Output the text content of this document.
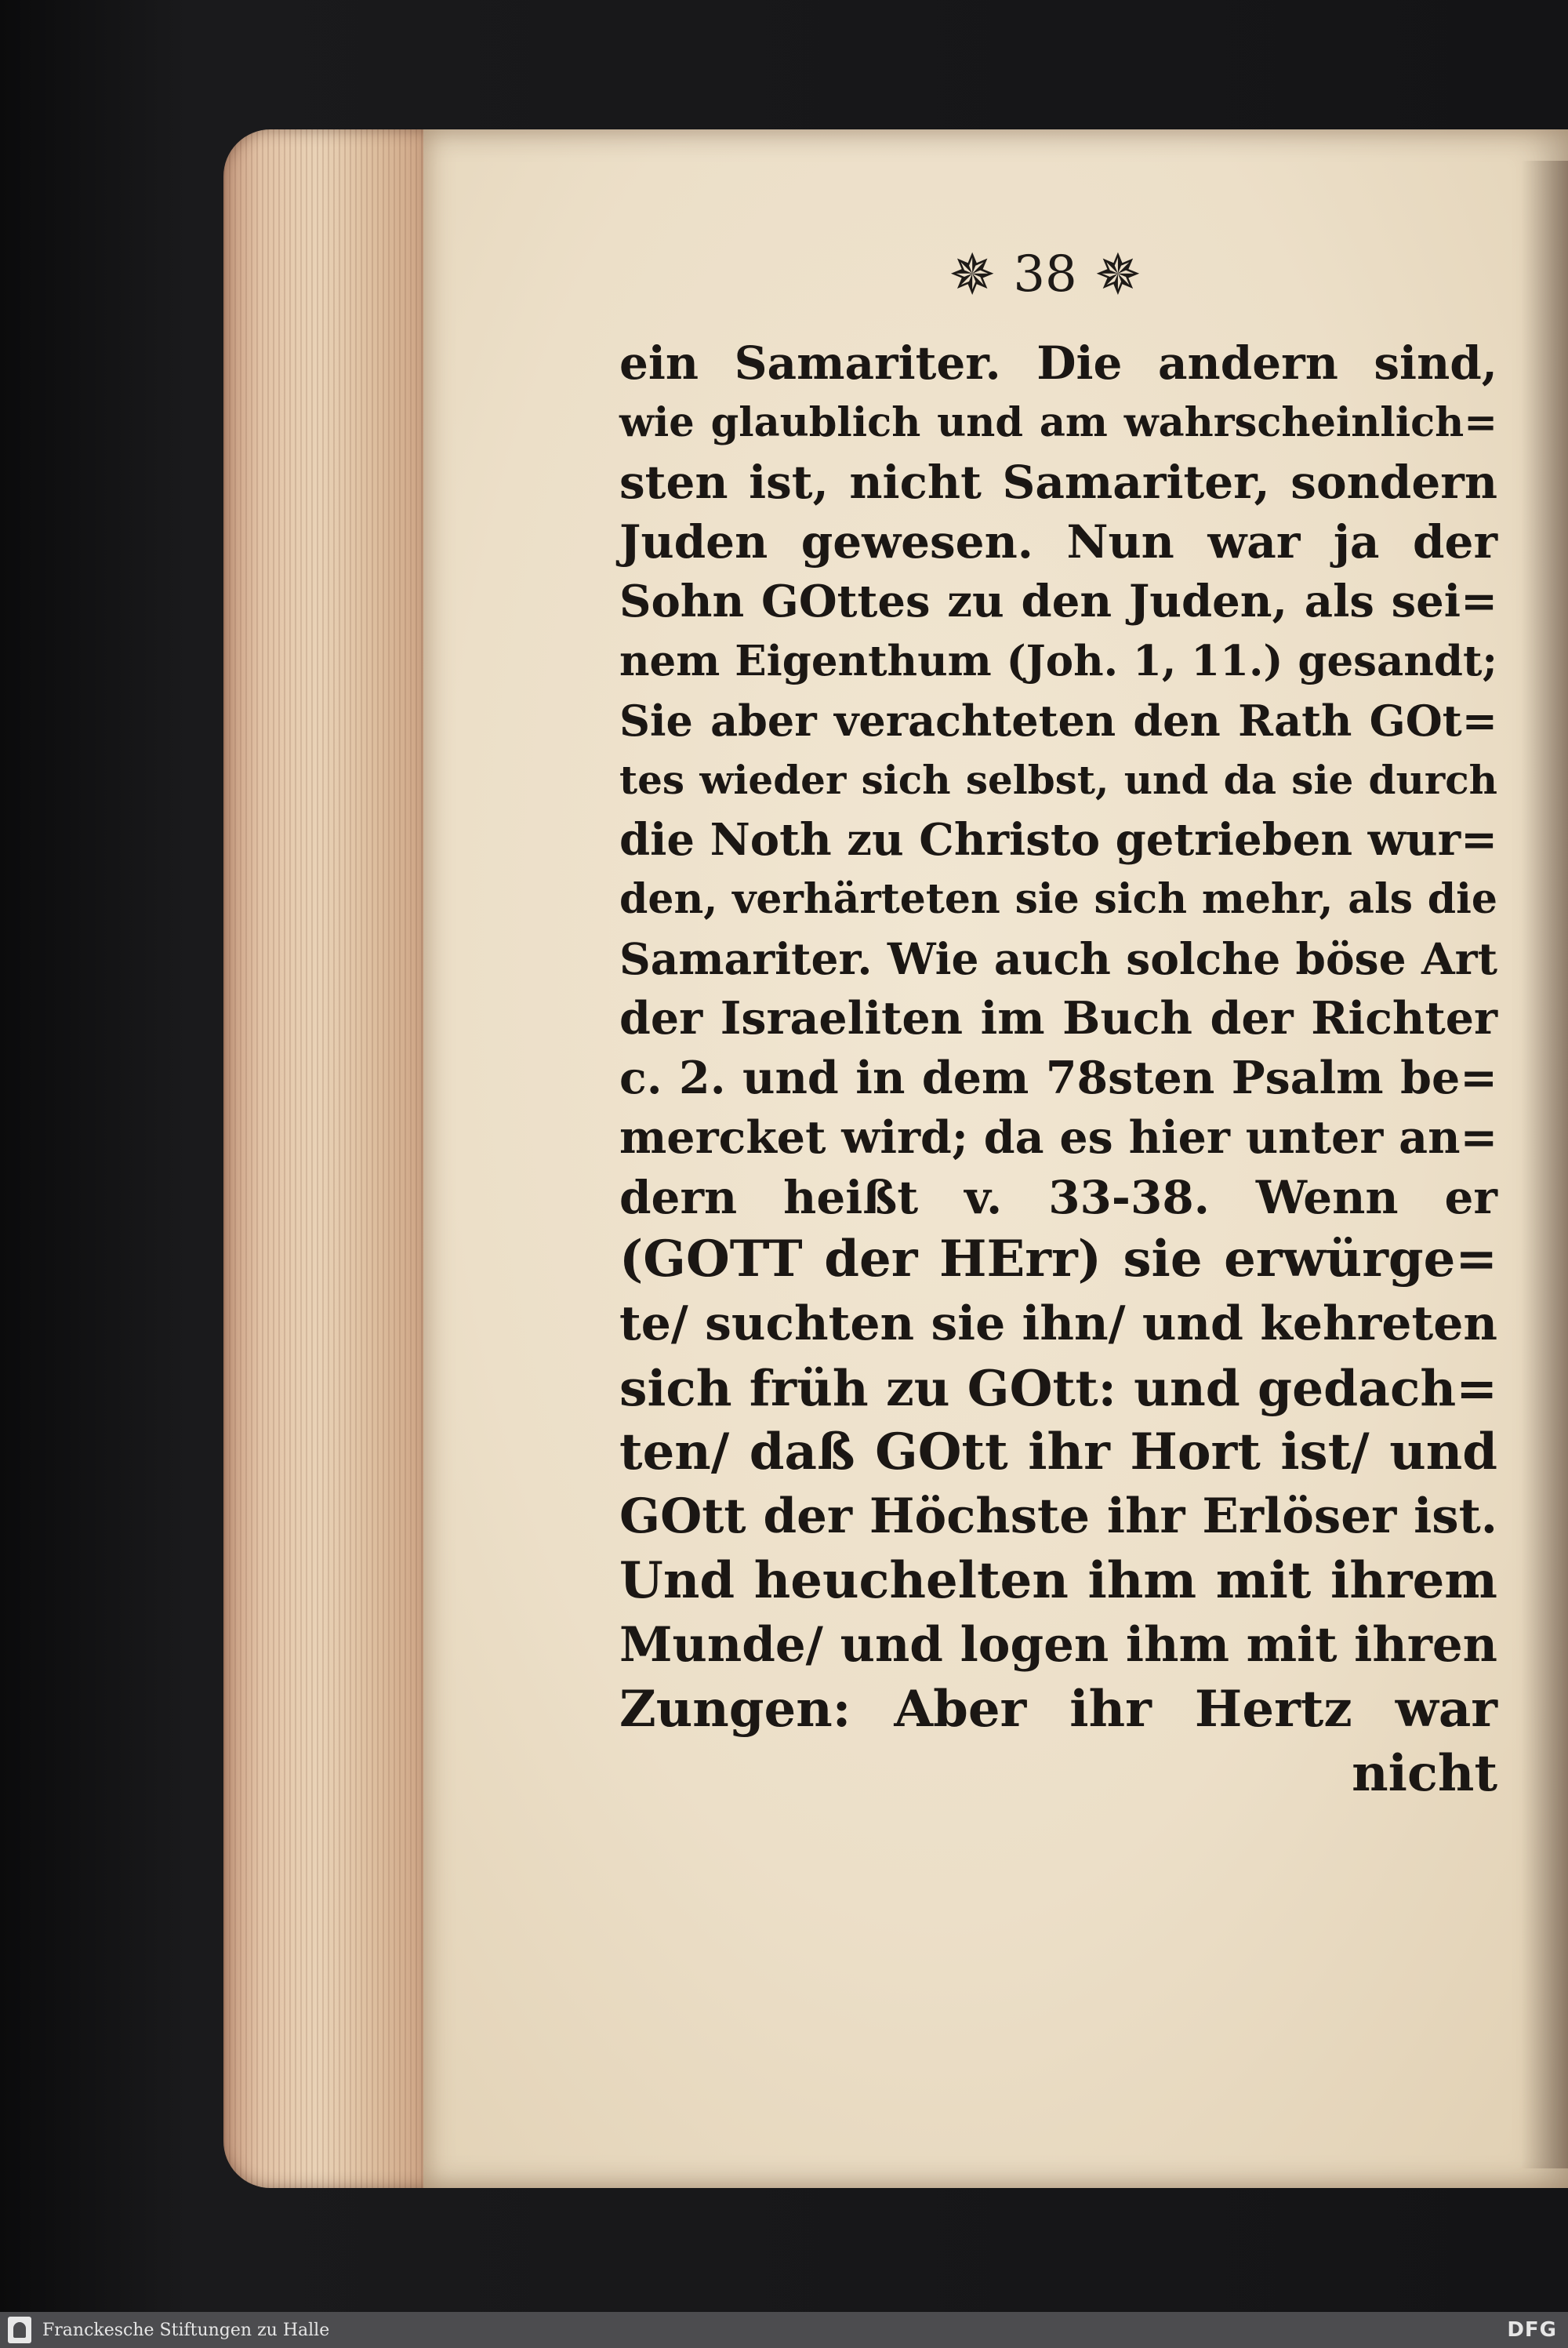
✵ 38 ✵
ein Samariter. Die andern sind,
wie glaublich und am wahrscheinlich=
sten ist, nicht Samariter, sondern
Juden gewesen. Nun war ja der
Sohn GOttes zu den Juden, als sei=
nem Eigenthum (Joh. 1, 11.) gesandt;
Sie aber verachteten den Rath GOt=
tes wieder sich selbst, und da sie durch
die Noth zu Christo getrieben wur=
den, verhärteten sie sich mehr, als die
Samariter. Wie auch solche böse Art
der Israeliten im Buch der Richter
c. 2. und in dem 78sten Psalm be=
mercket wird; da es hier unter an=
dern heißt v. 33-38. Wenn er
(GOTT der HErr) sie erwürge=
te/ suchten sie ihn/ und kehreten
sich früh zu GOtt: und gedach=
ten/ daß GOtt ihr Hort ist/ und
GOtt der Höchste ihr Erlöser ist.
Und heuchelten ihm mit ihrem
Munde/ und logen ihm mit ihren
Zungen: Aber ihr Hertz war
nicht
Franckesche Stiftungen zu Halle	DFG
